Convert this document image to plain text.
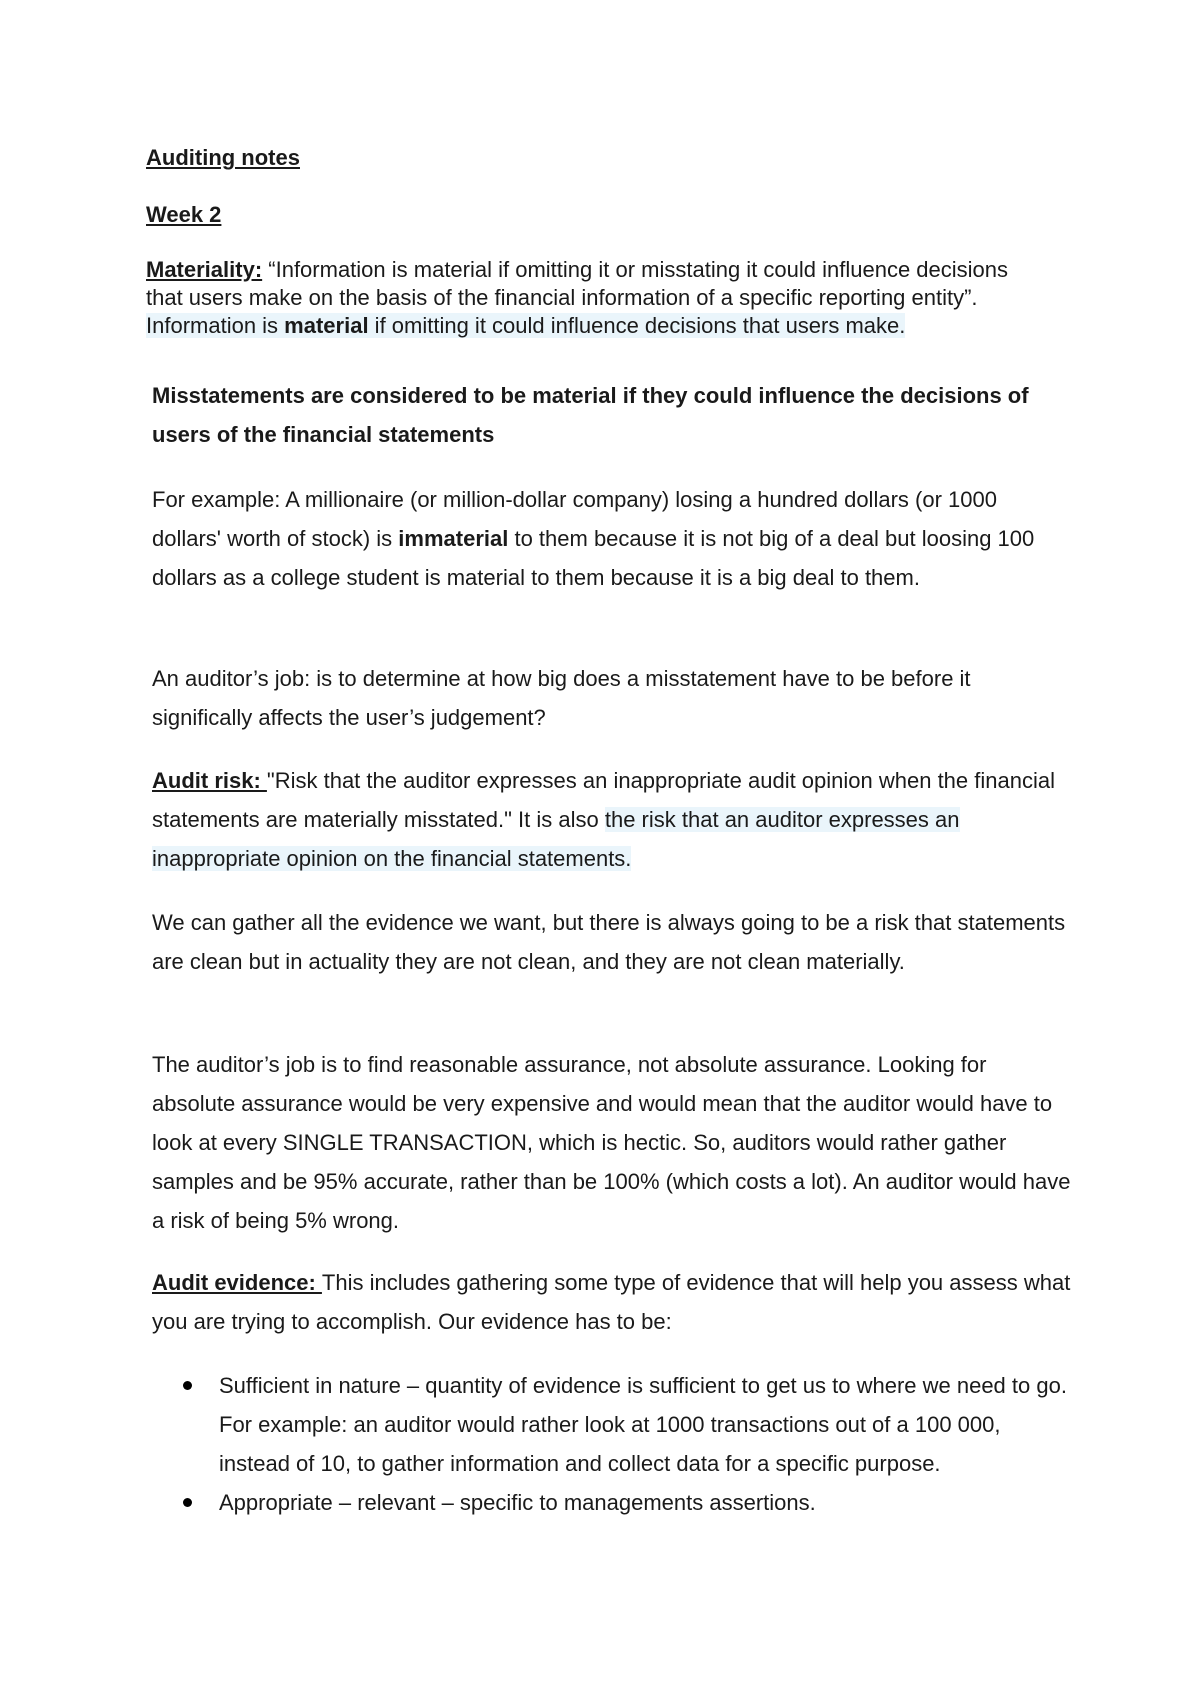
Auditing notes

Week 2

Materiality: “Information is material if omitting it or misstating it could influence decisions that users make on the basis of the financial information of a specific reporting entity”. Information is material if omitting it could influence decisions that users make.

Misstatements are considered to be material if they could influence the decisions of users of the financial statements

For example: A millionaire (or million-dollar company) losing a hundred dollars (or 1000 dollars' worth of stock) is immaterial to them because it is not big of a deal but loosing 100 dollars as a college student is material to them because it is a big deal to them.

An auditor’s job: is to determine at how big does a misstatement have to be before it significally affects the user’s judgement?

Audit risk: "Risk that the auditor expresses an inappropriate audit opinion when the financial statements are materially misstated." It is also the risk that an auditor expresses an inappropriate opinion on the financial statements.

We can gather all the evidence we want, but there is always going to be a risk that statements are clean but in actuality they are not clean, and they are not clean materially.

The auditor’s job is to find reasonable assurance, not absolute assurance. Looking for absolute assurance would be very expensive and would mean that the auditor would have to look at every SINGLE TRANSACTION, which is hectic. So, auditors would rather gather samples and be 95% accurate, rather than be 100% (which costs a lot). An auditor would have a risk of being 5% wrong.

Audit evidence: This includes gathering some type of evidence that will help you assess what you are trying to accomplish. Our evidence has to be:

Sufficient in nature – quantity of evidence is sufficient to get us to where we need to go. For example: an auditor would rather look at 1000 transactions out of a 100 000, instead of 10, to gather information and collect data for a specific purpose.
Appropriate – relevant – specific to managements assertions.
